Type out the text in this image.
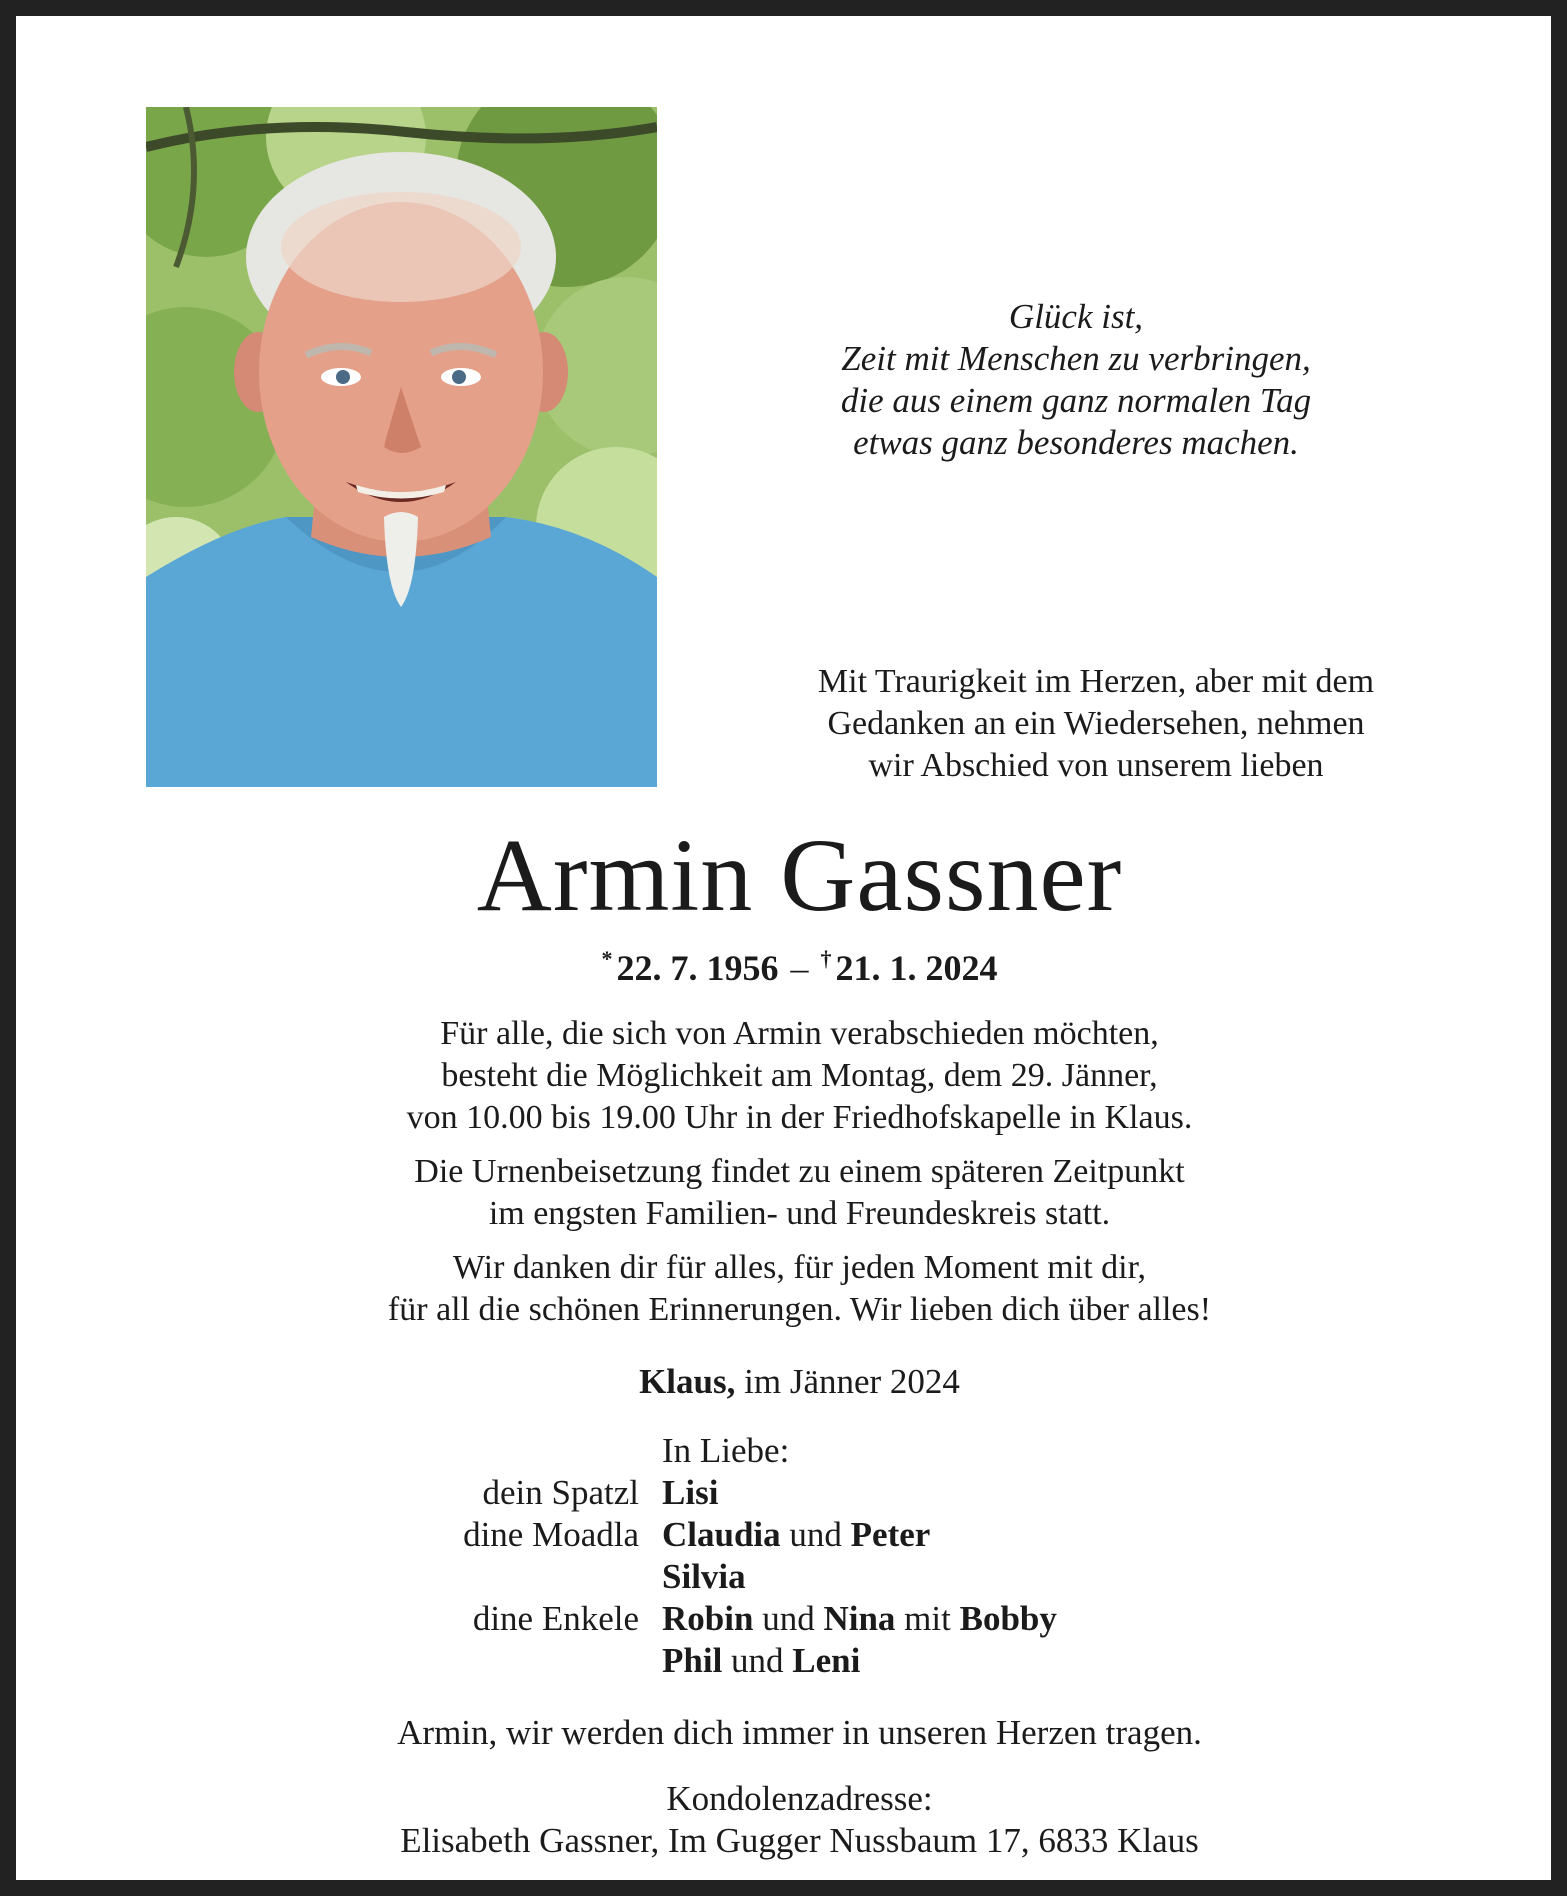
Glück ist,
Zeit mit Menschen zu verbringen,
die aus einem ganz normalen Tag
etwas ganz besonderes machen.
Mit Traurigkeit im Herzen, aber mit dem
Gedanken an ein Wiedersehen, nehmen
wir Abschied von unserem lieben
Armin Gassner
* 22. 7. 1956 – † 21. 1. 2024

Für alle, die sich von Armin verabschieden möchten,
besteht die Möglichkeit am Montag, dem 29. Jänner,
von 10.00 bis 19.00 Uhr in der Friedhofskapelle in Klaus.

Die Urnenbeisetzung findet zu einem späteren Zeitpunkt
im engsten Familien- und Freundeskreis statt.

Wir danken dir für alles, für jeden Moment mit dir,
für all die schönen Erinnerungen. Wir lieben dich über alles!

Klaus, im Jänner 2024
In Liebe:
dein Spatzl Lisi
dine Moadla Claudia und Peter
Silvia
dine Enkele Robin und Nina mit Bobby
Phil und Leni
Armin, wir werden dich immer in unseren Herzen tragen.
Kondolenzadresse:
Elisabeth Gassner, Im Gugger Nussbaum 17, 6833 Klaus
